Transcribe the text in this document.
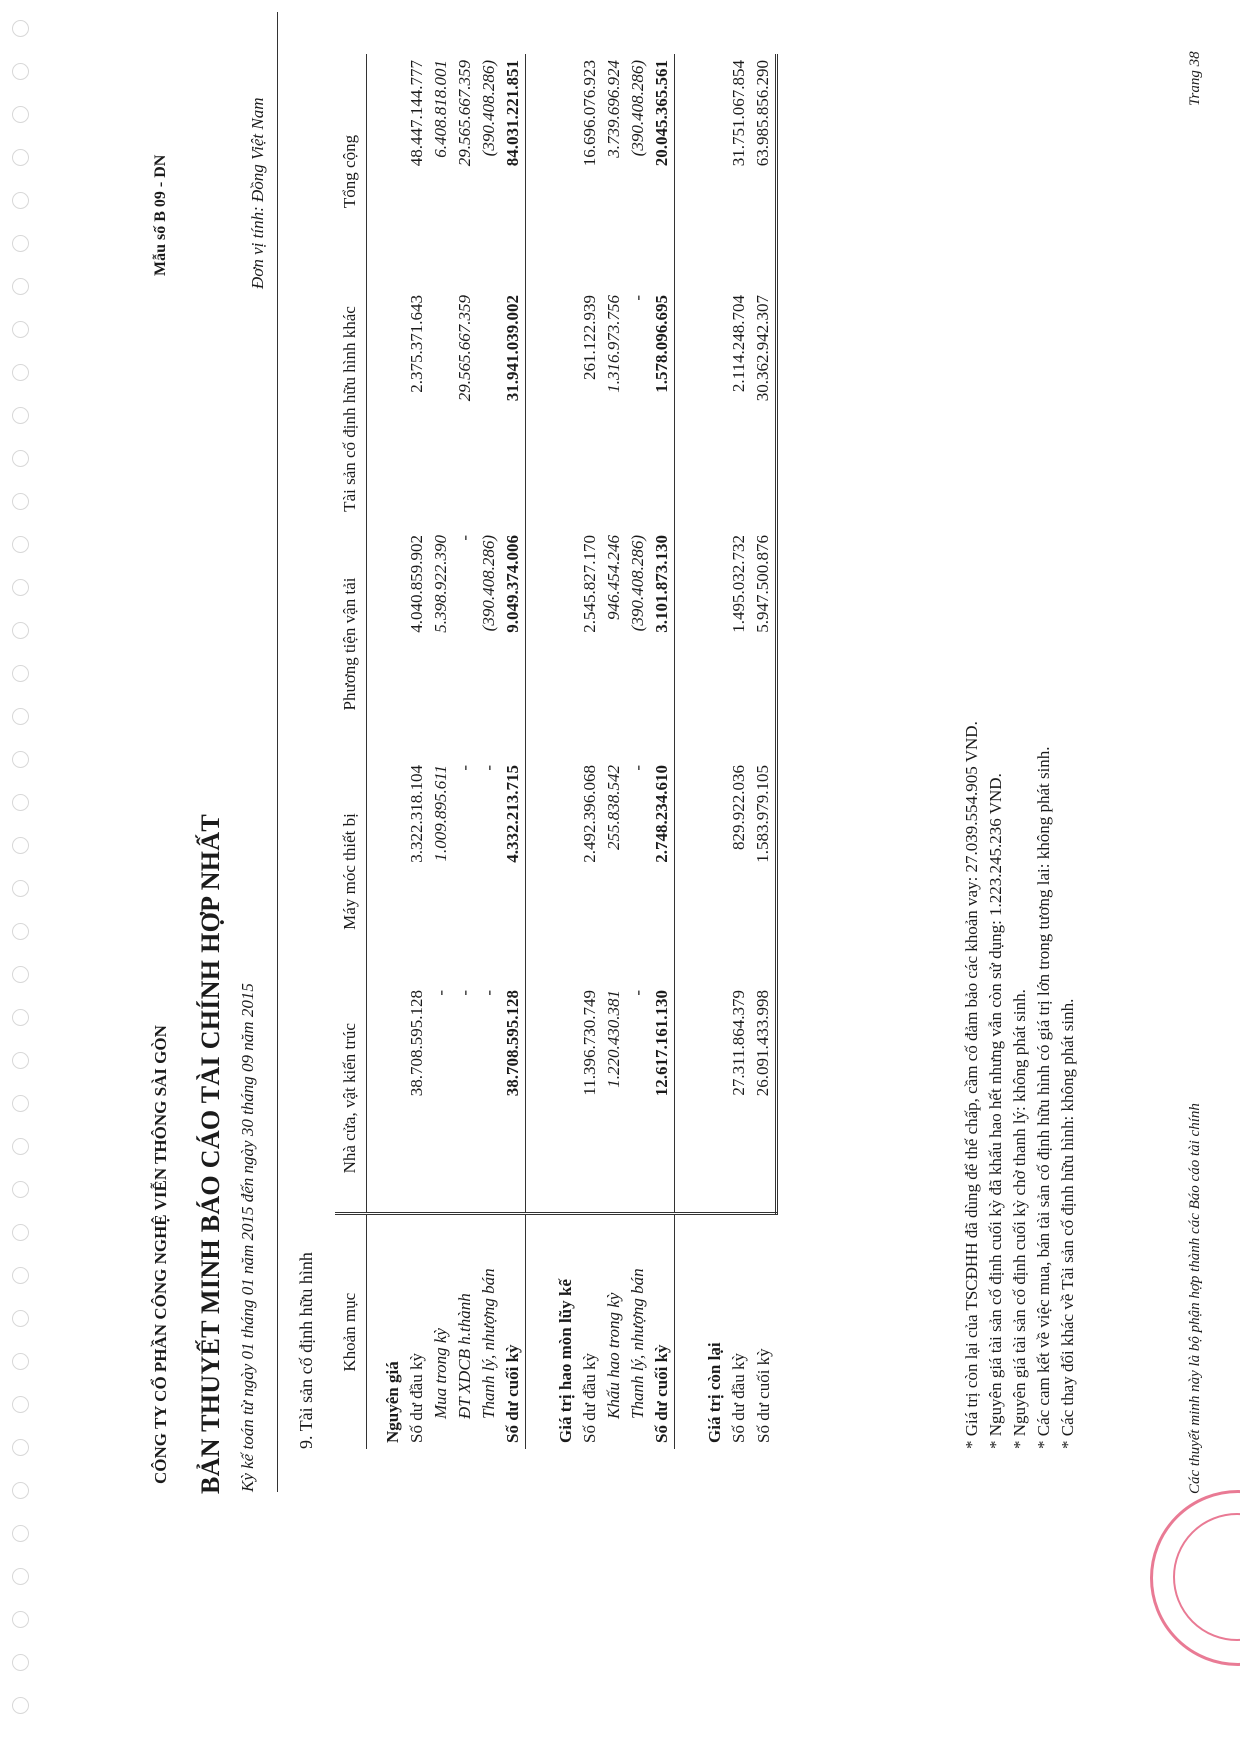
CÔNG TY CỔ PHẦN CÔNG NGHỆ VIỄN THÔNG SÀI GÒN
Mẫu số B 09 - DN
BẢN THUYẾT MINH BÁO CÁO TÀI CHÍNH HỢP NHẤT Kỳ kế toán từ ngày 01 tháng 01 năm 2015 đến ngày 30 tháng 09 năm 2015
Đơn vị tính: Đồng Việt Nam
9. Tài sản cố định hữu hình Khoản mục	Nhà cửa, vật kiến trúc	Máy móc thiết bị	Phương tiện vận tải	Tài sản cố định hữu hình khác	Tổng cộng
Nguyên giá					
Số dư đầu kỳ	38.708.595.128	3.322.318.104	4.040.859.902	2.375.371.643	48.447.144.777
Mua trong kỳ	-	1.009.895.611	5.398.922.390		6.408.818.001
ĐT XDCB h.thành	-	-	-	29.565.667.359	29.565.667.359
Thanh lý, nhượng bán	-	-	(390.408.286)		(390.408.286)
Số dư cuối kỳ	38.708.595.128	4.332.213.715	9.049.374.006	31.941.039.002	84.031.221.851

Giá trị hao mòn lũy kế					
Số dư đầu kỳ	11.396.730.749	2.492.396.068	2.545.827.170	261.122.939	16.696.076.923
Khấu hao trong kỳ	1.220.430.381	255.838.542	946.454.246	1.316.973.756	3.739.696.924
Thanh lý, nhượng bán	-	-	(390.408.286)	-	(390.408.286)
Số dư cuối kỳ	12.617.161.130	2.748.234.610	3.101.873.130	1.578.096.695	20.045.365.561

Giá trị còn lại					
Số dư đầu kỳ	27.311.864.379	829.922.036	1.495.032.732	2.114.248.704	31.751.067.854
Số dư cuối kỳ	26.091.433.998	1.583.979.105	5.947.500.876	30.362.942.307	63.985.856.290
* Giá trị còn lại của TSCĐHH đã dùng để thế chấp, cầm cố đảm bảo các khoản vay: 27.039.554.905 VND. * Nguyên giá tài sản cố định cuối kỳ đã khấu hao hết nhưng vẫn còn sử dụng: 1.223.245.236 VND. * Nguyên giá tài sản cố định cuối kỳ chờ thanh lý: không phát sinh. * Các cam kết về việc mua, bán tài sản cố định hữu hình có giá trị lớn trong tương lai: không phát sinh. * Các thay đổi khác về Tài sản cố định hữu hình: không phát sinh.	Các thuyết minh này là bộ phận hợp thành các Báo cáo tài chính
Trang 38
